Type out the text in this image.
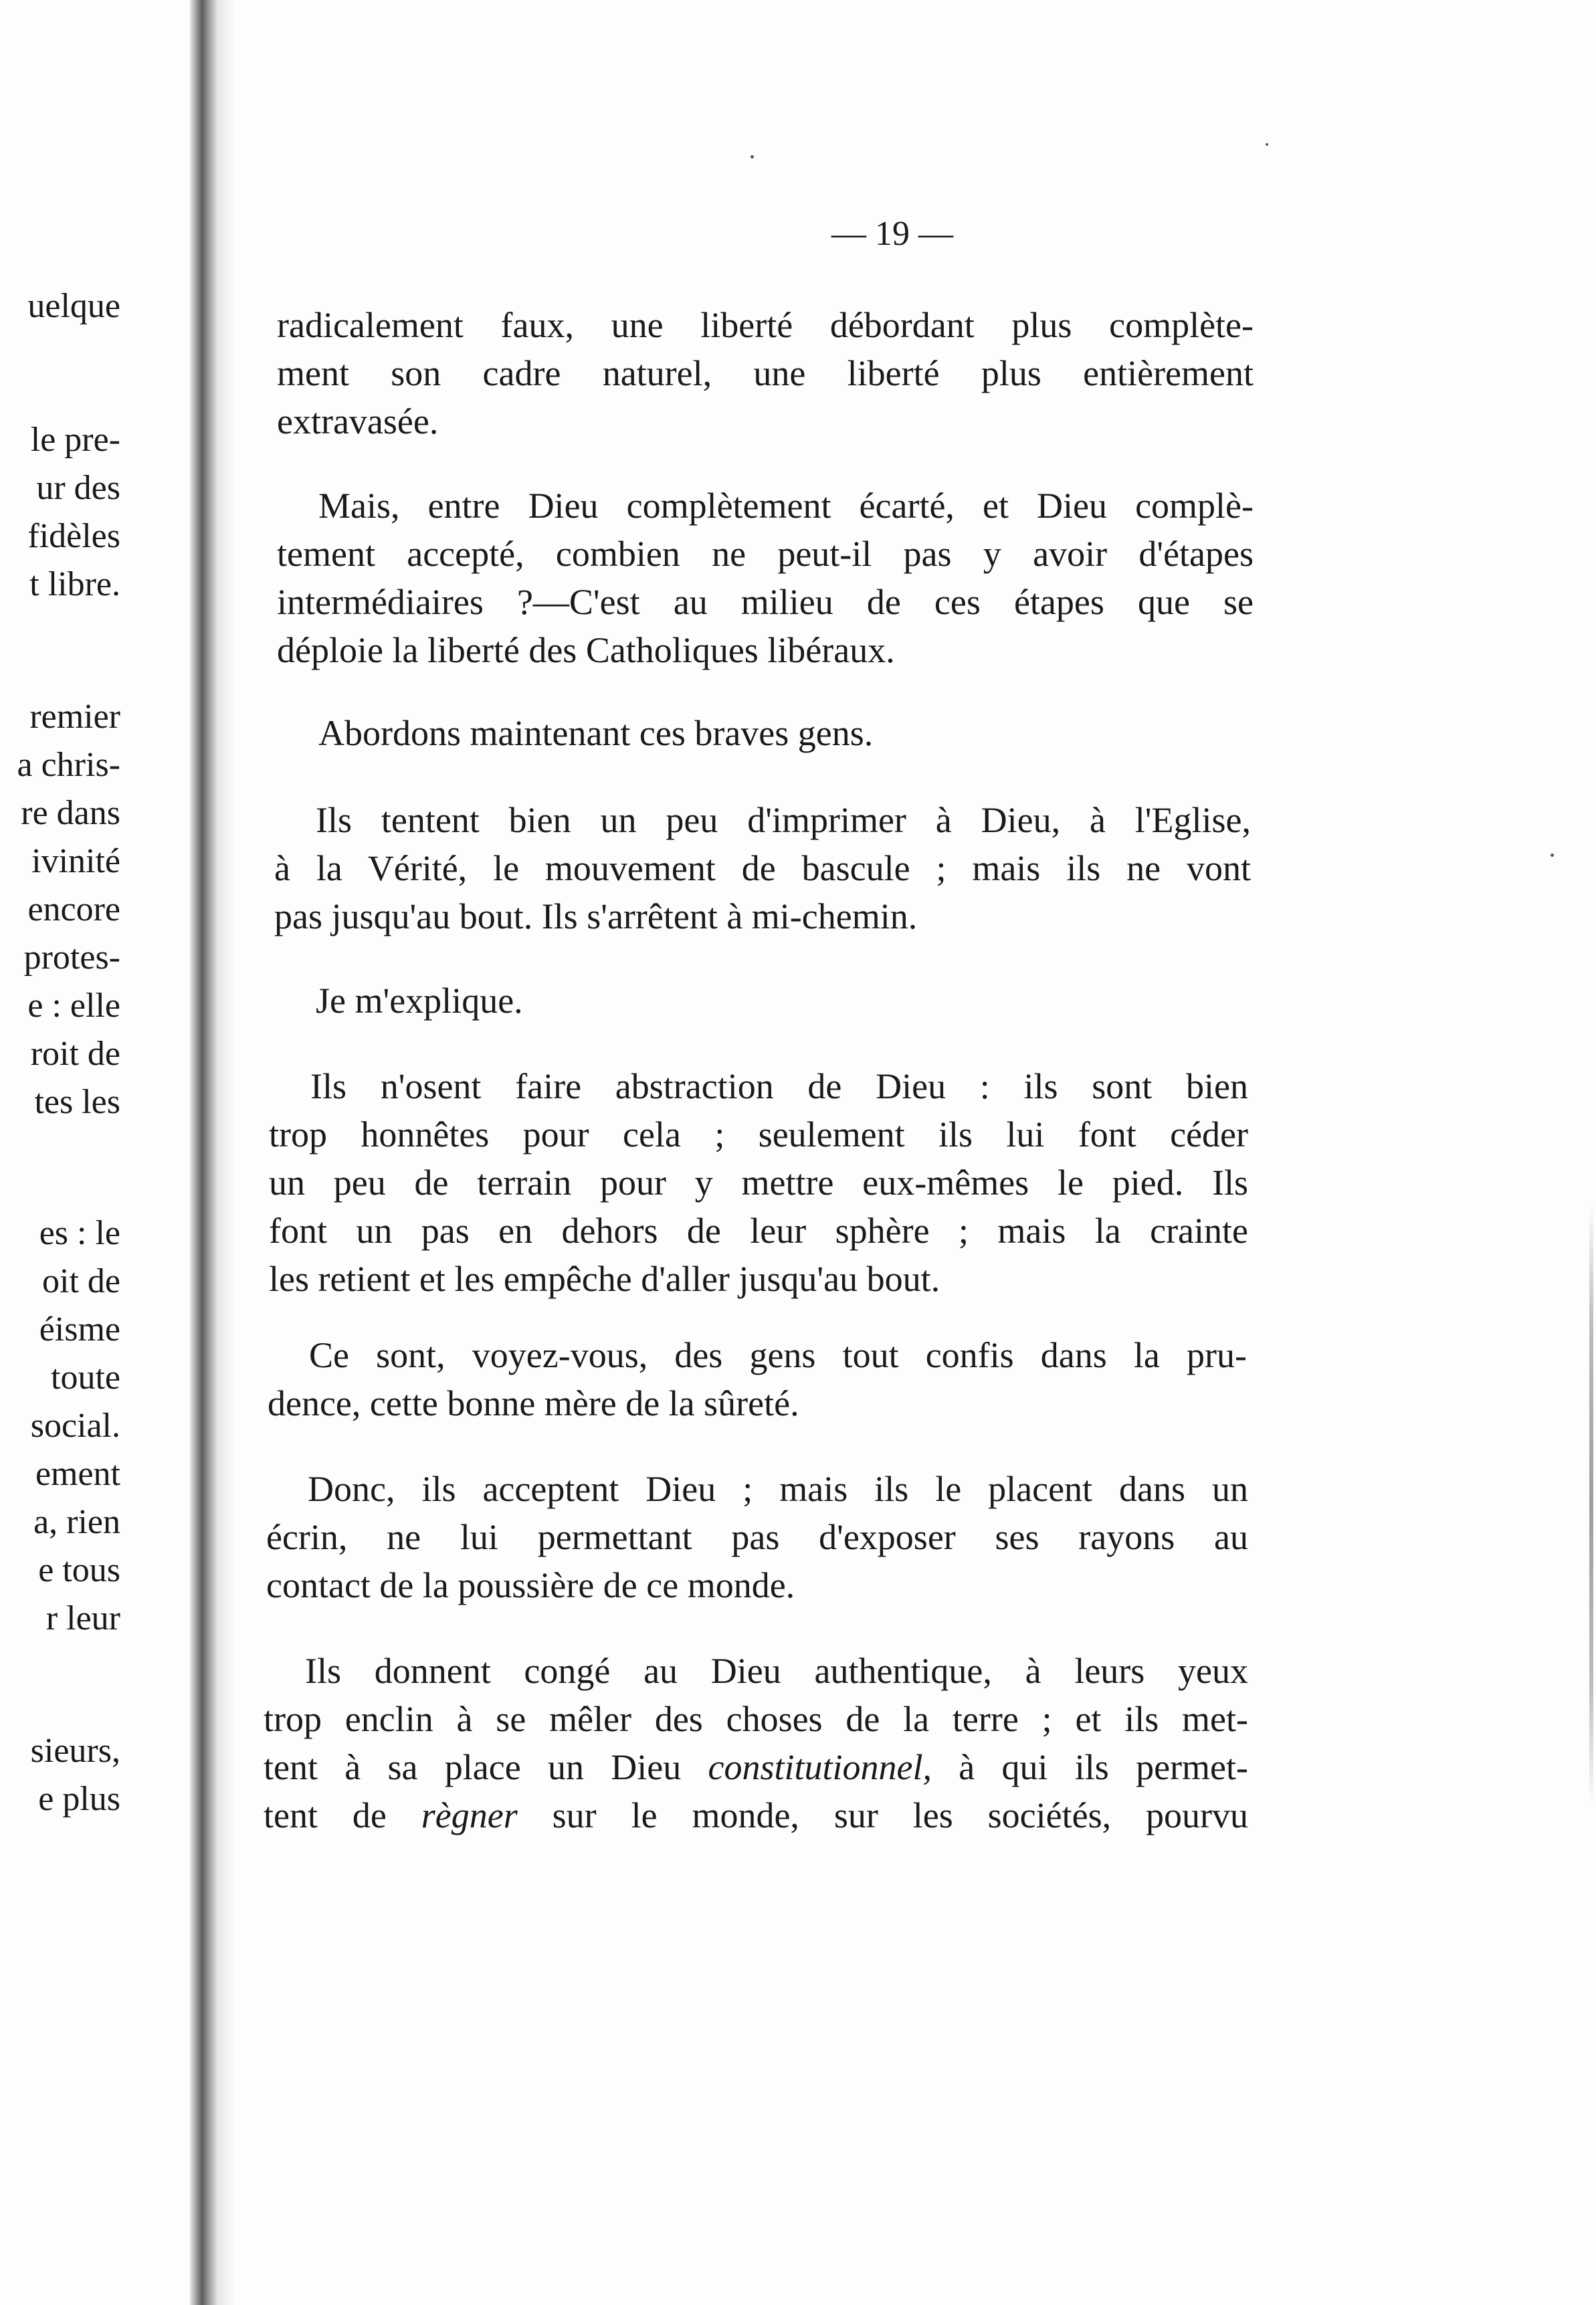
uelque
le pre-
ur des
fidèles
t libre.
remier
a chris-
re dans
ivinité
encore
protes-
e : elle
roit de
tes les
es : le
oit de
éisme
toute
social.
ement
a, rien
e tous
r leur
sieurs,
e plus
— 19 —
radicalement faux, une liberté débordant plus complète-
ment son cadre naturel, une liberté plus entièrement
extravasée.
Mais, entre Dieu complètement écarté, et Dieu complè-
tement accepté, combien ne peut-il pas y avoir d'étapes
intermédiaires ?—C'est au milieu de ces étapes que se
déploie la liberté des Catholiques libéraux.
Abordons maintenant ces braves gens.
Ils tentent bien un peu d'imprimer à Dieu, à l'Eglise,
à la Vérité, le mouvement de bascule ; mais ils ne vont
pas jusqu'au bout. Ils s'arrêtent à mi-chemin.
Je m'explique.
Ils n'osent faire abstraction de Dieu : ils sont bien
trop honnêtes pour cela ; seulement ils lui font céder
un peu de terrain pour y mettre eux-mêmes le pied. Ils
font un pas en dehors de leur sphère ; mais la crainte
les retient et les empêche d'aller jusqu'au bout.
Ce sont, voyez-vous, des gens tout confis dans la pru-
dence, cette bonne mère de la sûreté.
Donc, ils acceptent Dieu ; mais ils le placent dans un
écrin, ne lui permettant pas d'exposer ses rayons au
contact de la poussière de ce monde.
Ils donnent congé au Dieu authentique, à leurs yeux
trop enclin à se mêler des choses de la terre ; et ils met-
tent à sa place un Dieu constitutionnel, à qui ils permet-
tent de règner sur le monde, sur les sociétés, pourvu
